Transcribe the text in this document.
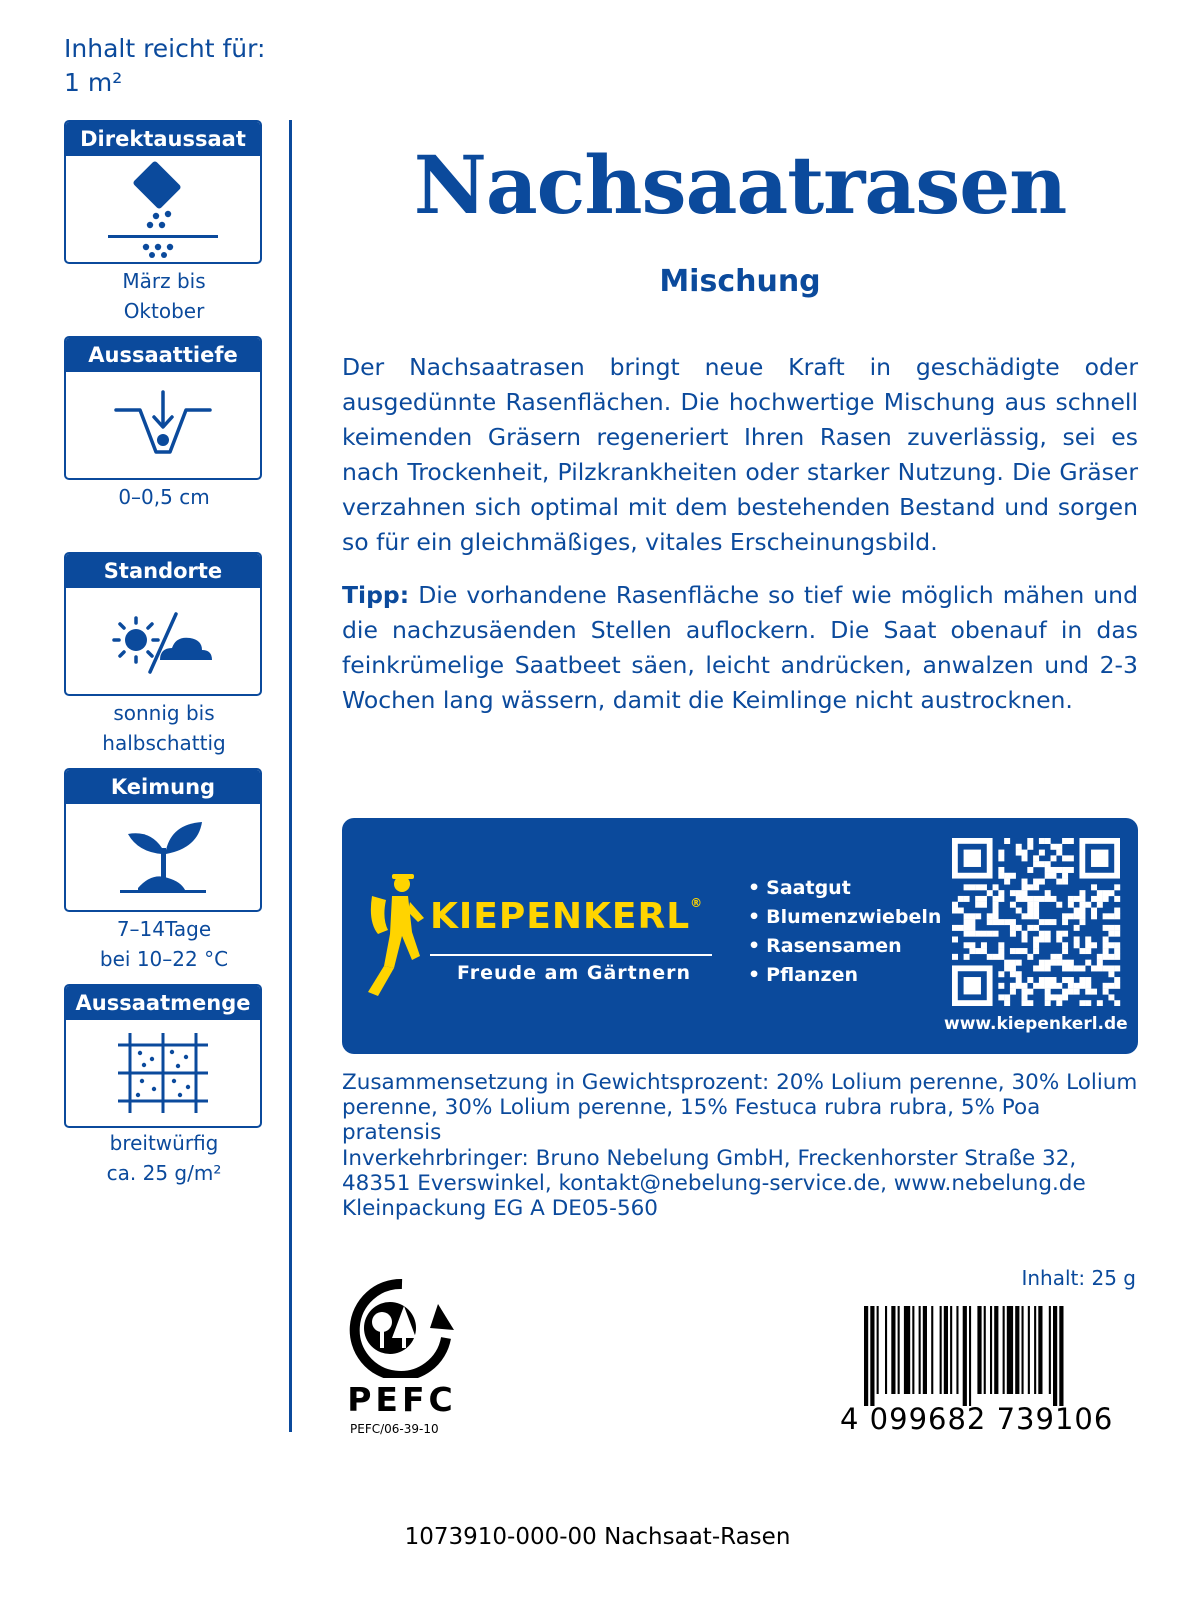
Inhalt reicht für:
1 m²
Direktaussaat
März bis
Oktober
Aussaattiefe
0–0,5 cm
Standorte
sonnig bis
halbschattig
Keimung
7–14Tage
bei 10–22 °C
Aussaatmenge
breitwürfig
ca. 25 g/m²
Nachsaatrasen
Mischung
Der Nachsaatrasen bringt neue Kraft in geschädigte oder ausgedünnte Rasenflächen. Die hochwertige Mischung aus schnell keimenden Gräsern regeneriert Ihren Rasen zuverlässig, sei es nach Trockenheit, Pilzkrankheiten oder starker Nutzung. Die Gräser verzahnen sich optimal mit dem bestehenden Bestand und sorgen so für ein gleichmäßiges, vitales Erscheinungsbild.
Tipp: Die vorhandene Rasenfläche so tief wie möglich mähen und die nachzusäenden Stellen auflockern. Die Saat obenauf in das feinkrümelige Saatbeet säen, leicht andrücken, anwalzen und 2-3 Wochen lang wässern, damit die Keimlinge nicht austrocknen.
KIEPENKERL®
Freude am Gärtnern
• Saatgut
• Blumenzwiebeln
• Rasensamen
• Pflanzen
www.kiepenkerl.de
Zusammensetzung in Gewichtsprozent: 20% Lolium perenne, 30% Lolium perenne, 30% Lolium perenne, 15% Festuca rubra rubra, 5% Poa pratensis
Inverkehrbringer: Bruno Nebelung GmbH, Freckenhorster Straße 32,
48351 Everswinkel, kontakt@nebelung-service.de, www.nebelung.de
Kleinpackung EG A DE05-560
PEFC
PEFC/06-39-10
Inhalt: 25 g
4 099682 739106
1073910-000-00 Nachsaat-Rasen
